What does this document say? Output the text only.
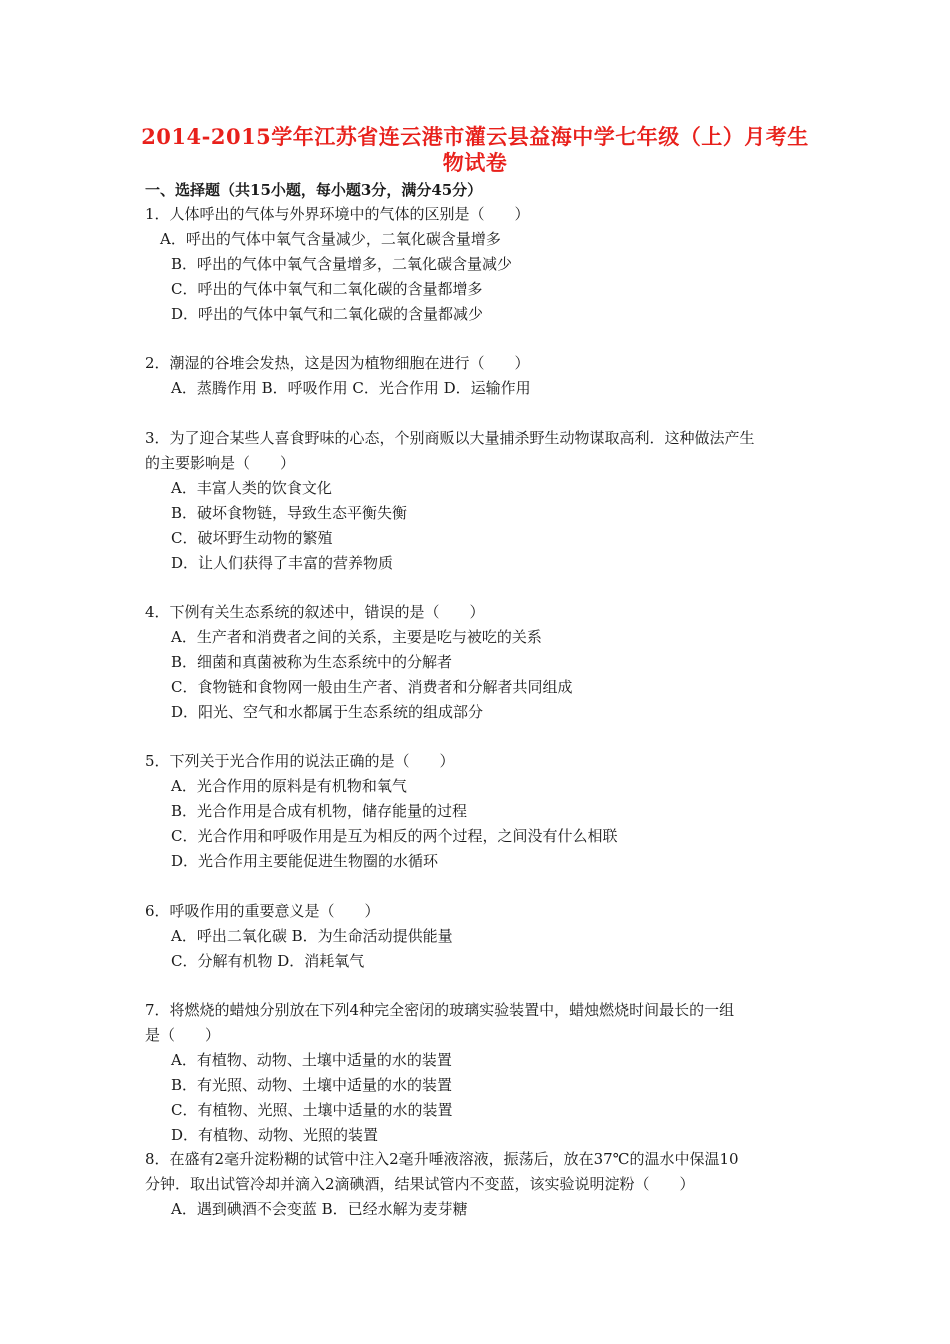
2014-2015学年江苏省连云港市灌云县益海中学七年级（上）月考生物试卷
一、选择题（共15小题，每小题3分，满分45分）
1．人体呼出的气体与外界环境中的气体的区别是（　　）
A．呼出的气体中氧气含量减少，二氧化碳含量增多
B．呼出的气体中氧气含量增多，二氧化碳含量减少
C．呼出的气体中氧气和二氧化碳的含量都增多
D．呼出的气体中氧气和二氧化碳的含量都减少
2．潮湿的谷堆会发热，这是因为植物细胞在进行（　　）
A．蒸腾作用 B．呼吸作用 C．光合作用 D．运输作用
3．为了迎合某些人喜食野味的心态，个别商贩以大量捕杀野生动物谋取高利．这种做法产生
的主要影响是（　　）
A．丰富人类的饮食文化
B．破坏食物链，导致生态平衡失衡
C．破坏野生动物的繁殖
D．让人们获得了丰富的营养物质
4．下例有关生态系统的叙述中，错误的是（　　）
A．生产者和消费者之间的关系，主要是吃与被吃的关系
B．细菌和真菌被称为生态系统中的分解者
C．食物链和食物网一般由生产者、消费者和分解者共同组成
D．阳光、空气和水都属于生态系统的组成部分
5．下列关于光合作用的说法正确的是（　　）
A．光合作用的原料是有机物和氧气
B．光合作用是合成有机物，储存能量的过程
C．光合作用和呼吸作用是互为相反的两个过程，之间没有什么相联
D．光合作用主要能促进生物圈的水循环
6．呼吸作用的重要意义是（　　）
A．呼出二氧化碳 B．为生命活动提供能量
C．分解有机物 D．消耗氧气
7．将燃烧的蜡烛分别放在下列4种完全密闭的玻璃实验装置中，蜡烛燃烧时间最长的一组
是（　　）
A．有植物、动物、土壤中适量的水的装置
B．有光照、动物、土壤中适量的水的装置
C．有植物、光照、土壤中适量的水的装置
D．有植物、动物、光照的装置
8．在盛有2毫升淀粉糊的试管中注入2毫升唾液溶液，振荡后，放在37℃的温水中保温10
分钟．取出试管冷却并滴入2滴碘酒，结果试管内不变蓝，该实验说明淀粉（　　）
A．遇到碘酒不会变蓝 B．已经水解为麦芽糖
